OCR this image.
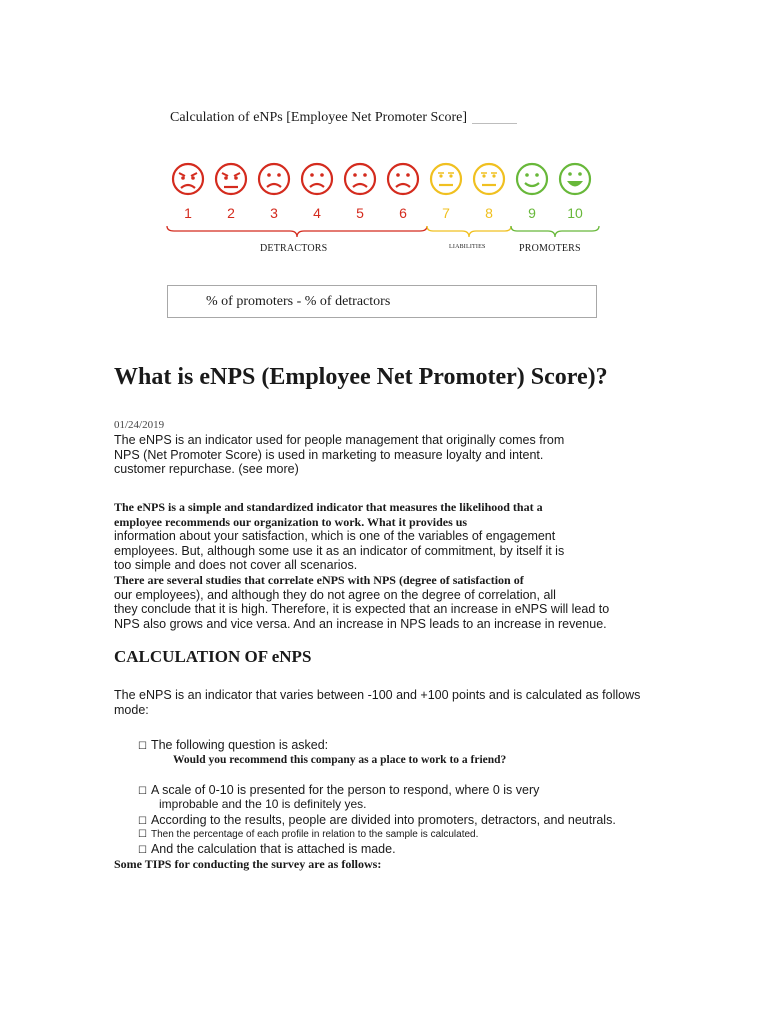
Calculation of eNPs [Employee Net Promoter Score]
1	2	3	4	5	6	7	8	9	10
DETRACTORS	LIABILITIES	PROMOTERS
% of promoters - % of detractors
What is eNPS (Employee Net Promoter) Score)?
01/24/2019
The eNPS is an indicator used for people management that originally comes from
NPS (Net Promoter Score) is used in marketing to measure loyalty and intent.
customer repurchase. (see more)
The eNPS is a simple and standardized indicator that measures the likelihood that a
employee recommends our organization to work. What it provides us
information about your satisfaction, which is one of the variables of engagement
employees. But, although some use it as an indicator of commitment, by itself it is
too simple and does not cover all scenarios.
There are several studies that correlate eNPS with NPS (degree of satisfaction of
our employees), and although they do not agree on the degree of correlation, all
they conclude that it is high. Therefore, it is expected that an increase in eNPS will lead to
NPS also grows and vice versa. And an increase in NPS leads to an increase in revenue.
CALCULATION OF eNPS
The eNPS is an indicator that varies between -100 and +100 points and is calculated as follows
mode:
☐ The following question is asked:
Would you recommend this company as a place to work to a friend?
☐ A scale of 0-10 is presented for the person to respond, where 0 is very
improbable and the 10 is definitely yes.
☐ According to the results, people are divided into promoters, detractors, and neutrals.
☐ Then the percentage of each profile in relation to the sample is calculated.
☐ And the calculation that is attached is made.
Some TIPS for conducting the survey are as follows:
